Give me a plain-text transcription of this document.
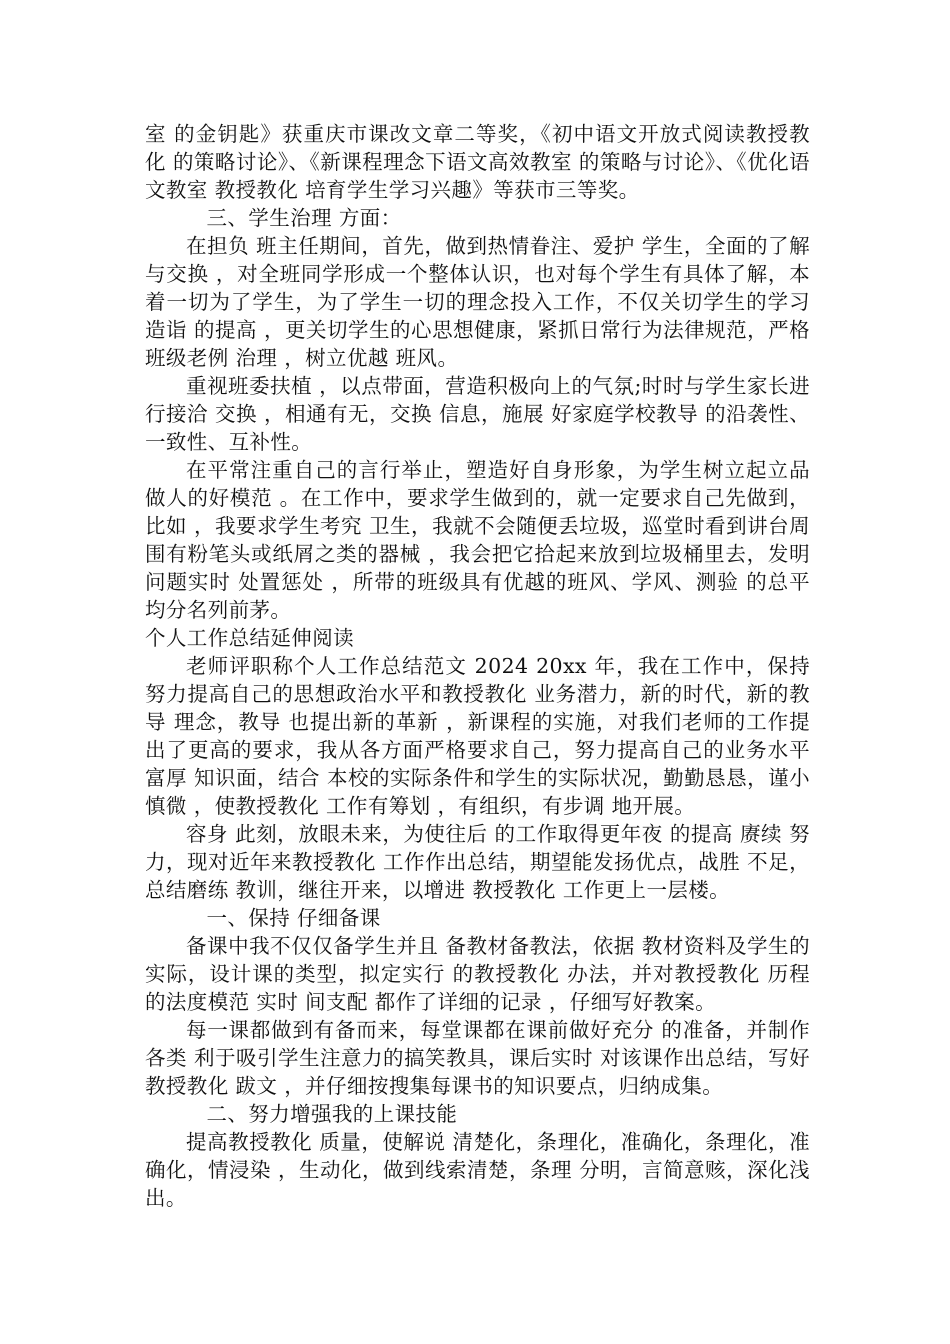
室 的金钥匙》获重庆市课改文章二等奖，《初中语文开放式阅读教授教化 的策略讨论》、《新课程理念下语文高效教室 的策略与讨论》、《优化语文教室 教授教化 培育学生学习兴趣》等获市三等奖。

三、学生治理 方面：

在担负 班主任期间，首先，做到热情眷注、爱护 学生，全面的了解与交换 ，对全班同学形成一个整体认识，也对每个学生有具体了解，本着一切为了学生，为了学生一切的理念投入工作，不仅关切学生的学习造诣 的提高 ，更关切学生的心思想健康，紧抓日常行为法律规范，严格班级老例 治理 ，树立优越 班风。

重视班委扶植 ，以点带面，营造积极向上的气氛;时时与学生家长进行接洽 交换 ，相通有无，交换 信息，施展 好家庭学校教导 的沿袭性、一致性、互补性。

在平常注重自己的言行举止，塑造好自身形象，为学生树立起立品 做人的好模范 。在工作中，要求学生做到的，就一定要求自己先做到，比如 ，我要求学生考究 卫生，我就不会随便丢垃圾，巡堂时看到讲台周围有粉笔头或纸屑之类的器械 ，我会把它拾起来放到垃圾桶里去，发明 问题实时 处置惩处 ，所带的班级具有优越的班风、学风、测验 的总平均分名列前茅。

个人工作总结延伸阅读

老师评职称个人工作总结范文 2024 20xx 年，我在工作中，保持 努力提高自己的思想政治水平和教授教化 业务潜力，新的时代，新的教导 理念，教导 也提出新的革新 ，新课程的实施，对我们老师的工作提出了更高的要求，我从各方面严格要求自己，努力提高自己的业务水平富厚 知识面，结合 本校的实际条件和学生的实际状况，勤勤恳恳，谨小慎微 ，使教授教化 工作有筹划 ，有组织，有步调 地开展。

容身 此刻，放眼未来，为使往后 的工作取得更年夜 的提高 赓续 努力，现对近年来教授教化 工作作出总结，期望能发扬优点，战胜 不足，总结磨练 教训，继往开来，以增进 教授教化 工作更上一层楼。

一、保持 仔细备课

备课中我不仅仅备学生并且 备教材备教法，依据 教材资料及学生的实际，设计课的类型，拟定实行 的教授教化 办法，并对教授教化 历程 的法度模范 实时 间支配 都作了详细的记录 ，仔细写好教案。

每一课都做到有备而来，每堂课都在课前做好充分 的准备，并制作各类 利于吸引学生注意力的搞笑教具，课后实时 对该课作出总结，写好教授教化 跋文 ，并仔细按搜集每课书的知识要点，归纳成集。

二、努力增强我的上课技能

提高教授教化 质量，使解说 清楚化，条理化，准确化，条理化，准确化，情浸染 ，生动化，做到线索清楚，条理 分明，言简意赅，深化浅出。
